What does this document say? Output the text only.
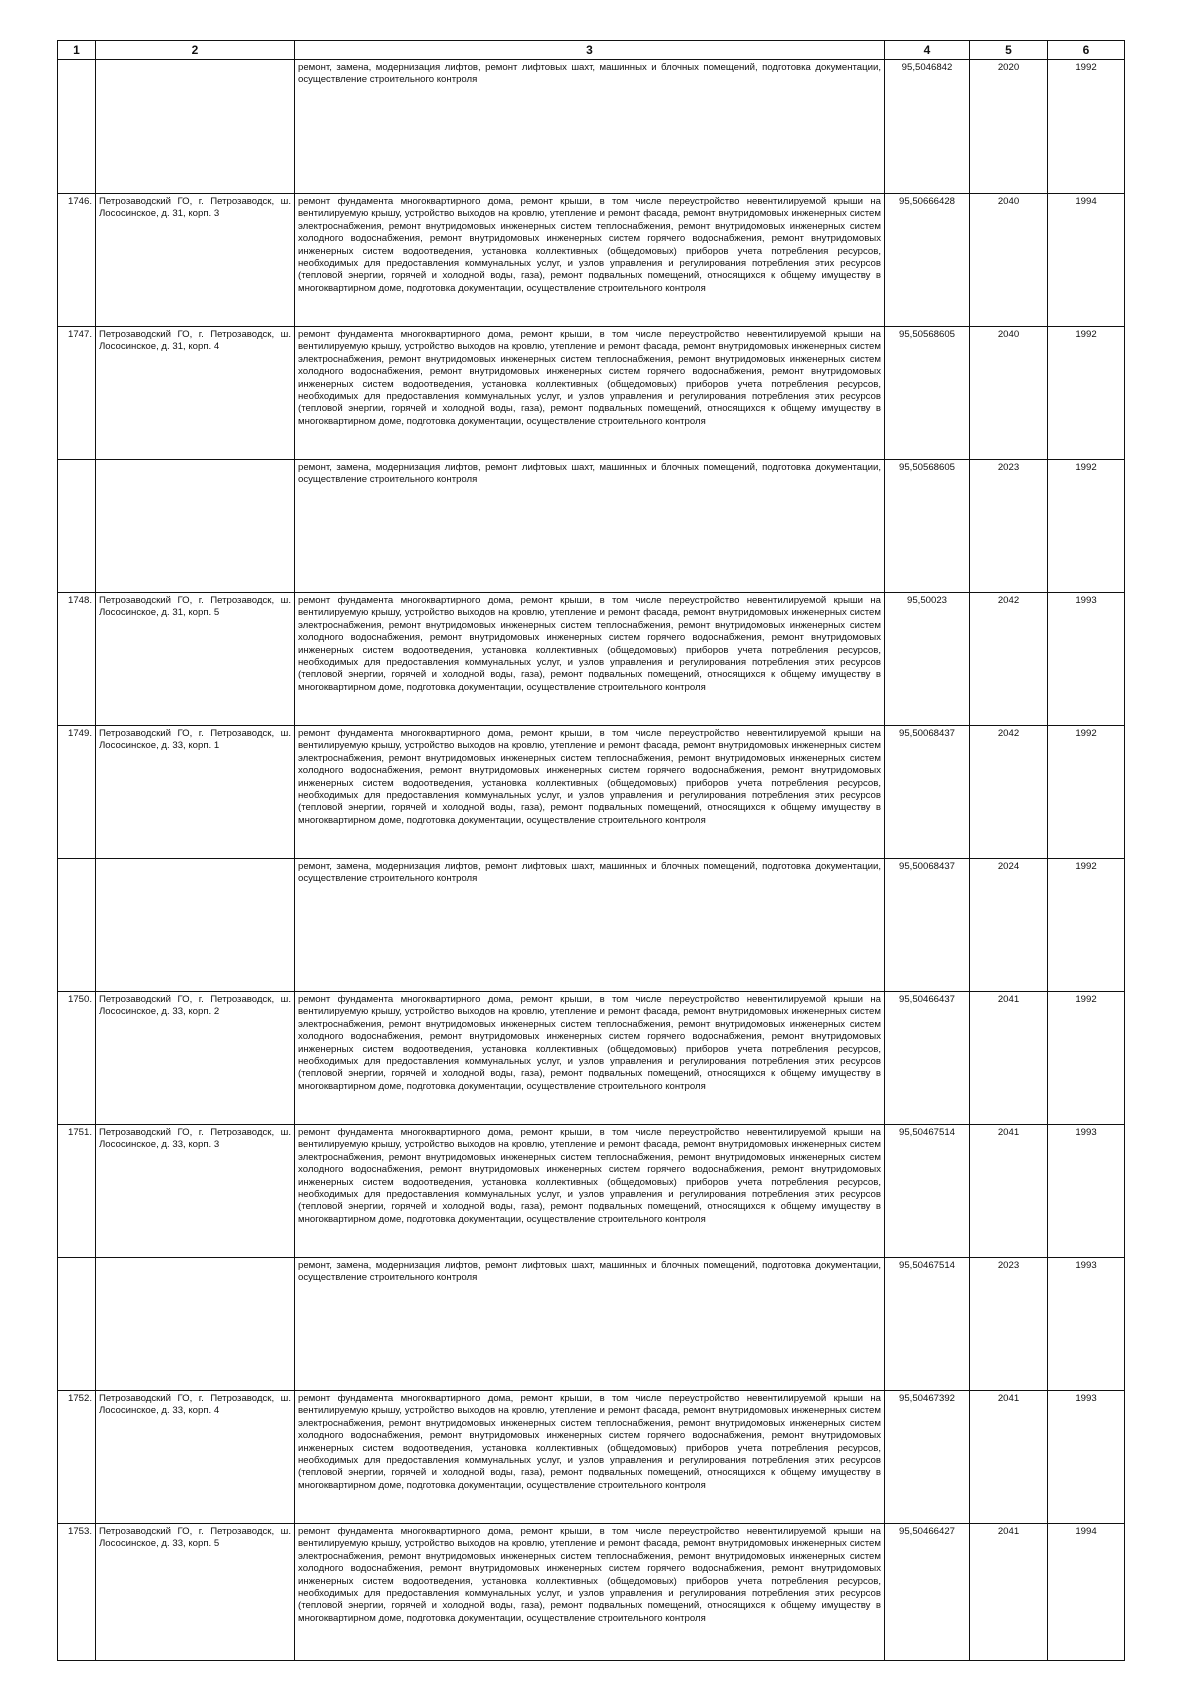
1	2	3	4	5	6
		ремонт, замена, модернизация лифтов, ремонт лифтовых шахт, машинных и блочных помещений, подготовка документации, осуществление строительного контроля	95,5046842	2020	1992
1746.	Петрозаводский ГО, г. Петрозаводск, ш. Лососинское, д. 31, корп. 3	ремонт фундамента многоквартирного дома, ремонт крыши, в том числе переустройство невентилируемой крыши на вентилируемую крышу, устройство выходов на кровлю, утепление и ремонт фасада, ремонт внутридомовых инженерных систем электроснабжения, ремонт внутридомовых инженерных систем теплоснабжения, ремонт внутридомовых инженерных систем холодного водоснабжения, ремонт внутридомовых инженерных систем горячего водоснабжения, ремонт внутридомовых инженерных систем водоотведения, установка коллективных (общедомовых) приборов учета потребления ресурсов, необходимых для предоставления коммунальных услуг, и узлов управления и регулирования потребления этих ресурсов (тепловой энергии, горячей и холодной воды, газа), ремонт подвальных помещений, относящихся к общему имуществу в многоквартирном доме, подготовка документации, осуществление строительного контроля	95,50666428	2040	1994
1747.	Петрозаводский ГО, г. Петрозаводск, ш. Лососинское, д. 31, корп. 4	ремонт фундамента многоквартирного дома, ремонт крыши, в том числе переустройство невентилируемой крыши на вентилируемую крышу, устройство выходов на кровлю, утепление и ремонт фасада, ремонт внутридомовых инженерных систем электроснабжения, ремонт внутридомовых инженерных систем теплоснабжения, ремонт внутридомовых инженерных систем холодного водоснабжения, ремонт внутридомовых инженерных систем горячего водоснабжения, ремонт внутридомовых инженерных систем водоотведения, установка коллективных (общедомовых) приборов учета потребления ресурсов, необходимых для предоставления коммунальных услуг, и узлов управления и регулирования потребления этих ресурсов (тепловой энергии, горячей и холодной воды, газа), ремонт подвальных помещений, относящихся к общему имуществу в многоквартирном доме, подготовка документации, осуществление строительного контроля	95,50568605	2040	1992
		ремонт, замена, модернизация лифтов, ремонт лифтовых шахт, машинных и блочных помещений, подготовка документации, осуществление строительного контроля	95,50568605	2023	1992
1748.	Петрозаводский ГО, г. Петрозаводск, ш. Лососинское, д. 31, корп. 5	ремонт фундамента многоквартирного дома, ремонт крыши, в том числе переустройство невентилируемой крыши на вентилируемую крышу, устройство выходов на кровлю, утепление и ремонт фасада, ремонт внутридомовых инженерных систем электроснабжения, ремонт внутридомовых инженерных систем теплоснабжения, ремонт внутридомовых инженерных систем холодного водоснабжения, ремонт внутридомовых инженерных систем горячего водоснабжения, ремонт внутридомовых инженерных систем водоотведения, установка коллективных (общедомовых) приборов учета потребления ресурсов, необходимых для предоставления коммунальных услуг, и узлов управления и регулирования потребления этих ресурсов (тепловой энергии, горячей и холодной воды, газа), ремонт подвальных помещений, относящихся к общему имуществу в многоквартирном доме, подготовка документации, осуществление строительного контроля	95,50023	2042	1993
1749.	Петрозаводский ГО, г. Петрозаводск, ш. Лососинское, д. 33, корп. 1	ремонт фундамента многоквартирного дома, ремонт крыши, в том числе переустройство невентилируемой крыши на вентилируемую крышу, устройство выходов на кровлю, утепление и ремонт фасада, ремонт внутридомовых инженерных систем электроснабжения, ремонт внутридомовых инженерных систем теплоснабжения, ремонт внутридомовых инженерных систем холодного водоснабжения, ремонт внутридомовых инженерных систем горячего водоснабжения, ремонт внутридомовых инженерных систем водоотведения, установка коллективных (общедомовых) приборов учета потребления ресурсов, необходимых для предоставления коммунальных услуг, и узлов управления и регулирования потребления этих ресурсов (тепловой энергии, горячей и холодной воды, газа), ремонт подвальных помещений, относящихся к общему имуществу в многоквартирном доме, подготовка документации, осуществление строительного контроля	95,50068437	2042	1992
		ремонт, замена, модернизация лифтов, ремонт лифтовых шахт, машинных и блочных помещений, подготовка документации, осуществление строительного контроля	95,50068437	2024	1992
1750.	Петрозаводский ГО, г. Петрозаводск, ш. Лососинское, д. 33, корп. 2	ремонт фундамента многоквартирного дома, ремонт крыши, в том числе переустройство невентилируемой крыши на вентилируемую крышу, устройство выходов на кровлю, утепление и ремонт фасада, ремонт внутридомовых инженерных систем электроснабжения, ремонт внутридомовых инженерных систем теплоснабжения, ремонт внутридомовых инженерных систем холодного водоснабжения, ремонт внутридомовых инженерных систем горячего водоснабжения, ремонт внутридомовых инженерных систем водоотведения, установка коллективных (общедомовых) приборов учета потребления ресурсов, необходимых для предоставления коммунальных услуг, и узлов управления и регулирования потребления этих ресурсов (тепловой энергии, горячей и холодной воды, газа), ремонт подвальных помещений, относящихся к общему имуществу в многоквартирном доме, подготовка документации, осуществление строительного контроля	95,50466437	2041	1992
1751.	Петрозаводский ГО, г. Петрозаводск, ш. Лососинское, д. 33, корп. 3	ремонт фундамента многоквартирного дома, ремонт крыши, в том числе переустройство невентилируемой крыши на вентилируемую крышу, устройство выходов на кровлю, утепление и ремонт фасада, ремонт внутридомовых инженерных систем электроснабжения, ремонт внутридомовых инженерных систем теплоснабжения, ремонт внутридомовых инженерных систем холодного водоснабжения, ремонт внутридомовых инженерных систем горячего водоснабжения, ремонт внутридомовых инженерных систем водоотведения, установка коллективных (общедомовых) приборов учета потребления ресурсов, необходимых для предоставления коммунальных услуг, и узлов управления и регулирования потребления этих ресурсов (тепловой энергии, горячей и холодной воды, газа), ремонт подвальных помещений, относящихся к общему имуществу в многоквартирном доме, подготовка документации, осуществление строительного контроля	95,50467514	2041	1993
		ремонт, замена, модернизация лифтов, ремонт лифтовых шахт, машинных и блочных помещений, подготовка документации, осуществление строительного контроля	95,50467514	2023	1993
1752.	Петрозаводский ГО, г. Петрозаводск, ш. Лососинское, д. 33, корп. 4	ремонт фундамента многоквартирного дома, ремонт крыши, в том числе переустройство невентилируемой крыши на вентилируемую крышу, устройство выходов на кровлю, утепление и ремонт фасада, ремонт внутридомовых инженерных систем электроснабжения, ремонт внутридомовых инженерных систем теплоснабжения, ремонт внутридомовых инженерных систем холодного водоснабжения, ремонт внутридомовых инженерных систем горячего водоснабжения, ремонт внутридомовых инженерных систем водоотведения, установка коллективных (общедомовых) приборов учета потребления ресурсов, необходимых для предоставления коммунальных услуг, и узлов управления и регулирования потребления этих ресурсов (тепловой энергии, горячей и холодной воды, газа), ремонт подвальных помещений, относящихся к общему имуществу в многоквартирном доме, подготовка документации, осуществление строительного контроля	95,50467392	2041	1993
1753.	Петрозаводский ГО, г. Петрозаводск, ш. Лососинское, д. 33, корп. 5	ремонт фундамента многоквартирного дома, ремонт крыши, в том числе переустройство невентилируемой крыши на вентилируемую крышу, устройство выходов на кровлю, утепление и ремонт фасада, ремонт внутридомовых инженерных систем электроснабжения, ремонт внутридомовых инженерных систем теплоснабжения, ремонт внутридомовых инженерных систем холодного водоснабжения, ремонт внутридомовых инженерных систем горячего водоснабжения, ремонт внутридомовых инженерных систем водоотведения, установка коллективных (общедомовых) приборов учета потребления ресурсов, необходимых для предоставления коммунальных услуг, и узлов управления и регулирования потребления этих ресурсов (тепловой энергии, горячей и холодной воды, газа), ремонт подвальных помещений, относящихся к общему имуществу в многоквартирном доме, подготовка документации, осуществление строительного контроля	95,50466427	2041	1994
